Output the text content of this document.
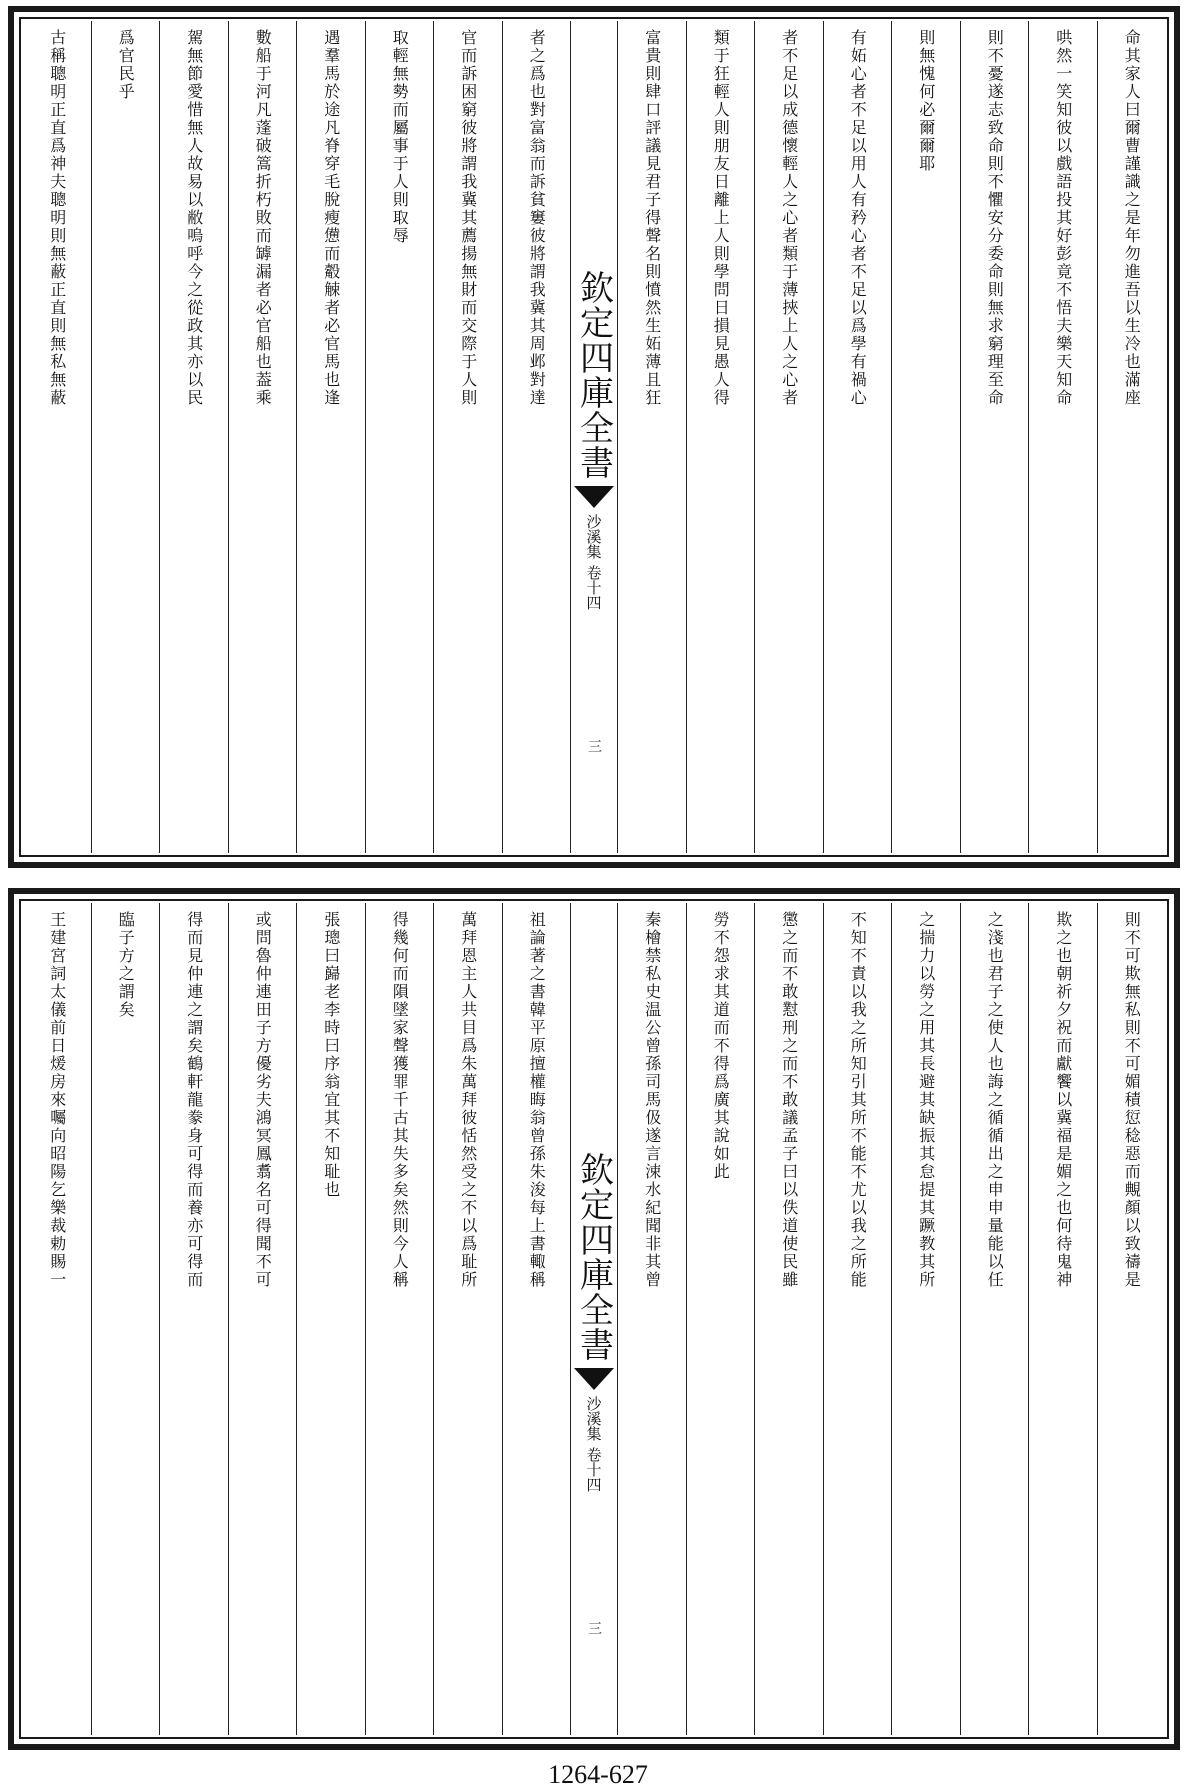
命其家人曰爾曹謹識之是年勿進吾以生冷也滿座
哄然一笑知彼以戲語投其好彭竟不悟夫樂天知命
則不憂遂志致命則不懼安分委命則無求窮理至命
則無愧何必爾爾耶
有妬心者不足以用人有矜心者不足以爲學有禍心
者不足以成德懷輕人之心者類于薄挾上人之心者
類于狂輕人則朋友日離上人則學問日損見愚人得
富貴則肆口評議見君子得聲名則憤然生妬薄且狂
欽定四庫全書
沙溪集
卷十四
三
者之爲也對富翁而訴貧窶彼將謂我冀其周邺對達
官而訴困窮彼將謂我冀其薦揚無財而交際于人則
取輕無勢而屬事于人則取辱
遇羣馬於途凡脊穿毛脫瘦憊而觳觫者必官馬也逢
數船于河凡蓬破篙折朽敗而罅漏者必官船也葢乘
駕無節愛惜無人故易以敝嗚呼今之從政其亦以民
爲官民乎
古稱聰明正直爲神夫聰明則無蔽正直則無私無蔽
則不可欺無私則不可媚積愆稔惡而覥顏以致禱是
欺之也朝祈夕祝而獻饗以冀福是媚之也何待鬼神
之淺也君子之使人也誨之循循出之申申量能以任
之揣力以勞之用其長避其缺振其怠提其蹶教其所
不知不責以我之所知引其所不能不尤以我之所能
懲之而不敢懟刑之而不敢議孟子曰以佚道使民雖
勞不怨求其道而不得爲廣其說如此
秦檜禁私史温公曾孫司馬伋遂言涑水紀聞非其曾
欽定四庫全書
沙溪集
卷十四
三
祖論著之書韓平原擅權晦翁曾孫朱浚每上書輙稱
萬拜恩主人共目爲朱萬拜彼恬然受之不以爲耻所
得幾何而隕墜家聲獲罪千古其失多矣然則今人稱
張璁曰巋老李時曰序翁宜其不知耻也
或問魯仲連田子方優劣夫鴻冥鳳翥名可得聞不可
得而見仲連之謂矣鶴軒龍豢身可得而養亦可得而
臨子方之謂矣
王建宮詞太儀前日煖房來囑向昭陽乞樂裁勅賜一
1264-627
